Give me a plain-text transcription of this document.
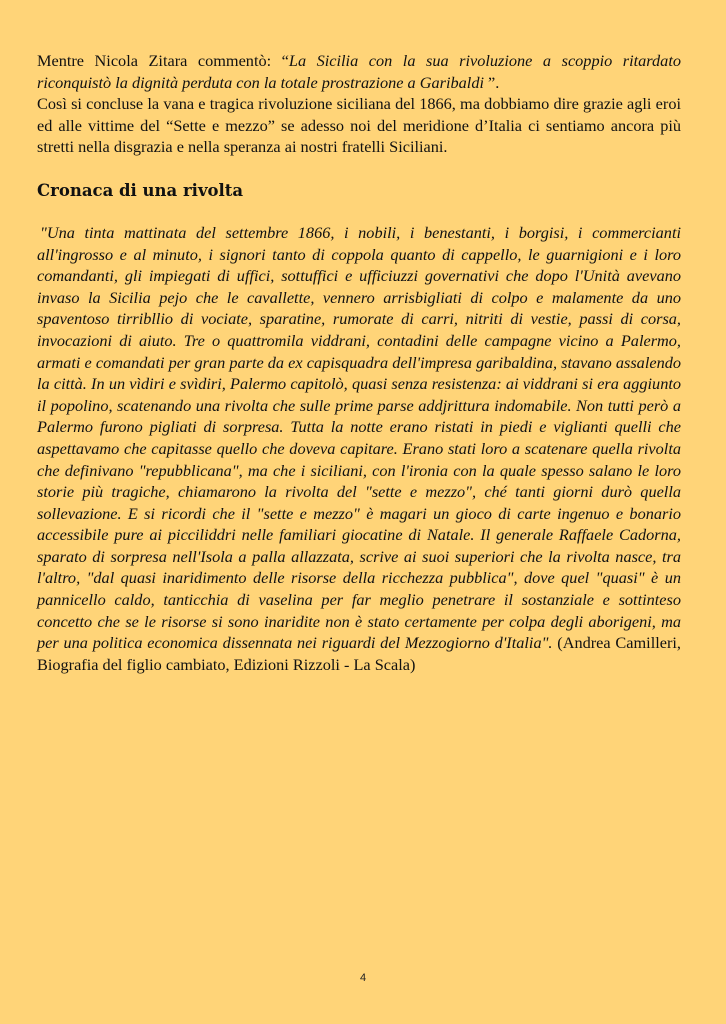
Mentre Nicola Zitara commentò: “La Sicilia con la sua rivoluzione a scoppio ritardato riconquistò la dignità perduta con la totale prostrazione a Garibaldi ”.

Così si concluse la vana e tragica rivoluzione siciliana del 1866, ma dobbiamo dire grazie agli eroi ed alle vittime del “Sette e mezzo” se adesso noi del meridione d’Italia ci sentiamo ancora più stretti nella disgrazia e nella speranza ai nostri fratelli Siciliani.

Cronaca di una rivolta

"Una tinta mattinata del settembre 1866, i nobili, i benestanti, i borgisi, i commercianti all'ingrosso e al minuto, i signori tanto di coppola quanto di cappello, le guarnigioni e i loro comandanti, gli impiegati di uffici, sottuffici e ufficiuzzi governativi che dopo l'Unità avevano invaso la Sicilia pejo che le cavallette, vennero arrisbigliati di colpo e malamente da uno spaventoso tirribllio di vociate, sparatine, rumorate di carri, nitriti di vestie, passi di corsa, invocazioni di aiuto. Tre o quattromila viddrani, contadini delle campagne vicino a Palermo, armati e comandati per gran parte da ex capisquadra dell'impresa garibaldina, stavano assalendo la città. In un vìdiri e svìdiri, Palermo capitolò, quasi senza resistenza: ai viddrani si era aggiunto il popolino, scatenando una rivolta che sulle prime parse addjrittura indomabile. Non tutti però a Palermo furono pigliati di sorpresa. Tutta la notte erano ristati in piedi e viglianti quelli che aspettavamo che capitasse quello che doveva capitare. Erano stati loro a scatenare quella rivolta che definivano "repubblicana", ma che i siciliani, con l'ironia con la quale spesso salano le loro storie più tragiche, chiamarono la rivolta del "sette e mezzo", ché tanti giorni durò quella sollevazione. E si ricordi che il "sette e mezzo" è magari un gioco di carte ingenuo e bonario accessibile pure ai picciliddri nelle familiari giocatine di Natale. Il generale Raffaele Cadorna, sparato di sorpresa nell'Isola a palla allazzata, scrive ai suoi superiori che la rivolta nasce, tra l'altro, "dal quasi inaridimento delle risorse della ricchezza pubblica", dove quel "quasi" è un pannicello caldo, tanticchia di vaselina per far meglio penetrare il sostanziale e sottinteso concetto che se le risorse si sono inaridite non è stato certamente per colpa degli aborigeni, ma per una politica economica dissennata nei riguardi del Mezzogiorno d'Italia". (Andrea Camilleri, Biografia del figlio cambiato, Edizioni Rizzoli - La Scala)

4
